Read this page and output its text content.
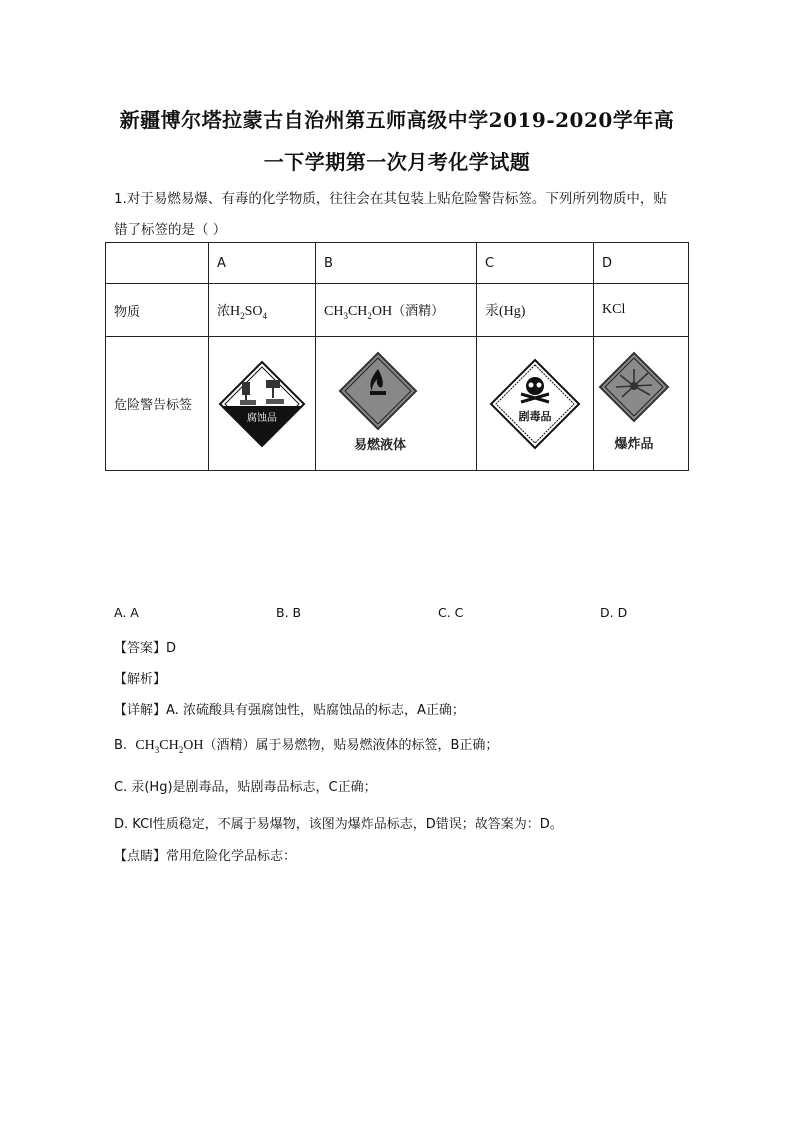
新疆博尔塔拉蒙古自治州第五师高级中学2019-2020学年高
一下学期第一次月考化学试题
1.对于易燃易爆、有毒的化学物质，往往会在其包装上贴危险警告标签。下列所列物质中，贴
错了标签的是（ ）
	A	B	C	D
物质	浓$H_2SO_4$	$CH_3CH_2OH$（酒精）	汞(Hg)	KCl
危险警告标签	腐蚀品	易燃液体	剧毒品	爆炸品
A. A	B. B	C. C	D. D
【答案】D
【解析】
【详解】A. 浓硫酸具有强腐蚀性，贴腐蚀品的标志，A正确；
B. $CH_3CH_2OH$（酒精）属于易燃物，贴易燃液体的标签，B正确；
C. 汞(Hg)是剧毒品，贴剧毒品标志，C正确；
D. KCl性质稳定，不属于易爆物，该图为爆炸品标志，D错误；故答案为：D。
【点睛】常用危险化学品标志：
